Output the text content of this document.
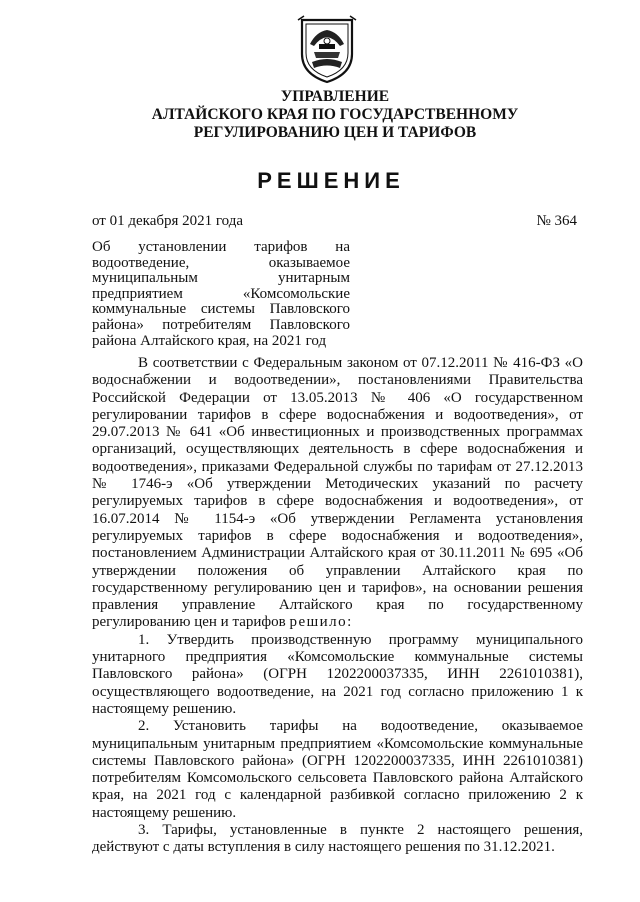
УПРАВЛЕНИЕ
АЛТАЙСКОГО КРАЯ ПО ГОСУДАРСТВЕННОМУ
РЕГУЛИРОВАНИЮ ЦЕН И ТАРИФОВ
РЕШЕНИЕ
от 01 декабря 2021 года	№ 364
Об установлении тарифов на водоотведение, оказываемое муниципальным унитарным предприятием «Комсомольские коммунальные системы Павловского района» потребителям Павловского района Алтайского края, на 2021 год

В соответствии с Федеральным законом от 07.12.2011 № 416-ФЗ «О водоснабжении и водоотведении», постановлениями Правительства Российской Федерации от 13.05.2013 № 406 «О государственном регулировании тарифов в сфере водоснабжения и водоотведения», от 29.07.2013 № 641 «Об инвестиционных и производственных программах организаций, осуществляющих деятельность в сфере водоснабжения и водоотведения», приказами Федеральной службы по тарифам от 27.12.2013 № 1746-э «Об утверждении Методических указаний по расчету регулируемых тарифов в сфере водоснабжения и водоотведения», от 16.07.2014 № 1154-э «Об утверждении Регламента установления регулируемых тарифов в сфере водоснабжения и водоотведения», постановлением Администрации Алтайского края от 30.11.2011 № 695 «Об утверждении положения об управлении Алтайского края по государственному регулированию цен и тарифов», на основании решения правления управление Алтайского края по государственному регулированию цен и тарифов решило:

1. Утвердить производственную программу муниципального унитарного предприятия «Комсомольские коммунальные системы Павловского района» (ОГРН 1202200037335, ИНН 2261010381), осуществляющего водоотведение, на 2021 год согласно приложению 1 к настоящему решению.

2. Установить тарифы на водоотведение, оказываемое муниципальным унитарным предприятием «Комсомольские коммунальные системы Павловского района» (ОГРН 1202200037335, ИНН 2261010381) потребителям Комсомольского сельсовета Павловского района Алтайского края, на 2021 год с календарной разбивкой согласно приложению 2 к настоящему решению.

3. Тарифы, установленные в пункте 2 настоящего решения, действуют с даты вступления в силу настоящего решения по 31.12.2021.
